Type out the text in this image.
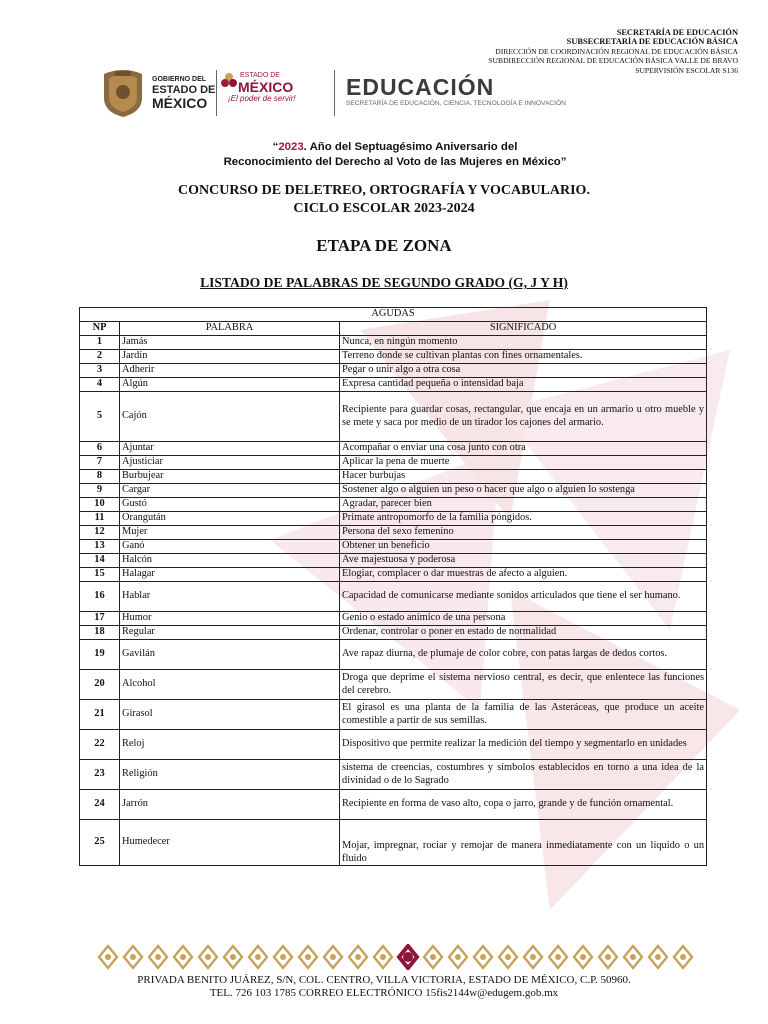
SECRETARÍA DE EDUCACIÓN
SUBSECRETARÍA DE EDUCACIÓN BÁSICA
DIRECCIÓN DE COORDINACIÓN REGIONAL DE EDUCACIÓN BÁSICA
SUBDIRECCIÓN REGIONAL DE EDUCACIÓN BÁSICA VALLE DE BRAVO
SUPERVISIÓN ESCOLAR S136
GOBIERNO DEL
ESTADO DE
MÉXICO
ESTADO DE
MÉXICO
¡El poder de servir! EDUCACIÓN
SECRETARÍA DE EDUCACIÓN, CIENCIA, TECNOLOGÍA E INNOVACIÓN
“2023. Año del Septuagésimo Aniversario del
Reconocimiento del Derecho al Voto de las Mujeres en México”
CONCURSO DE DELETREO, ORTOGRAFÍA Y VOCABULARIO.
CICLO ESCOLAR 2023-2024
ETAPA DE ZONA
LISTADO DE PALABRAS DE SEGUNDO GRADO (G, J Y H)
AGUDAS		
NP	PALABRA	SIGNIFICADO
1	Jamás	Nunca, en ningún momento
2	Jardín	Terreno donde se cultivan plantas con fines ornamentales.
3	Adherir	Pegar o unir algo a otra cosa
4	Algún	Expresa cantidad pequeña o intensidad baja
5	Cajón	Recipiente para guardar cosas, rectangular, que encaja en un armario u otro mueble y se mete y saca por medio de un tirador los cajones del armario.
6	Ajuntar	Acompañar o enviar una cosa junto con otra
7	Ajusticiar	Aplicar la pena de muerte
8	Burbujear	Hacer burbujas
9	Cargar	Sostener algo o alguien un peso o hacer que algo o alguien lo sostenga
10	Gustó	Agradar, parecer bien
11	Orangután	Primate antropomorfo de la familia póngidos.
12	Mujer	Persona del sexo femenino
13	Ganó	Obtener un beneficio
14	Halcón	Ave majestuosa y poderosa
15	Halagar	Elogiar, complacer o dar muestras de afecto a alguien.
16	Hablar	Capacidad de comunicarse mediante sonidos articulados que tiene el ser humano.
17	Humor	Genio o estado anímico de una persona
18	Regular	Ordenar, controlar o poner en estado de normalidad
19	Gavilán	Ave rapaz diurna, de plumaje de color cobre, con patas largas de dedos cortos.
20	Alcohol	Droga que deprime el sistema nervioso central, es decir, que enlentece las funciones del cerebro.
21	Girasol	El girasol es una planta de la familia de las Asteráceas, que produce un aceite comestible a partir de sus semillas.
22	Reloj	Dispositivo que permite realizar la medición del tiempo y segmentarlo en unidades
23	Religión	sistema de creencias, costumbres y símbolos establecidos en torno a una idea de la divinidad o de lo Sagrado
24	Jarrón	Recipiente en forma de vaso alto, copa o jarro, grande y de función ornamental.
25	Humedecer	Mojar, impregnar, rociar y remojar de manera inmediatamente con un líquido o un fluido
PRIVADA BENITO JUÁREZ, S/N, COL. CENTRO, VILLA VICTORIA, ESTADO DE MÉXICO, C.P. 50960.
TEL. 726 103 1785 CORREO ELECTRÓNICO 15fis2144w@edugem.gob.mx
